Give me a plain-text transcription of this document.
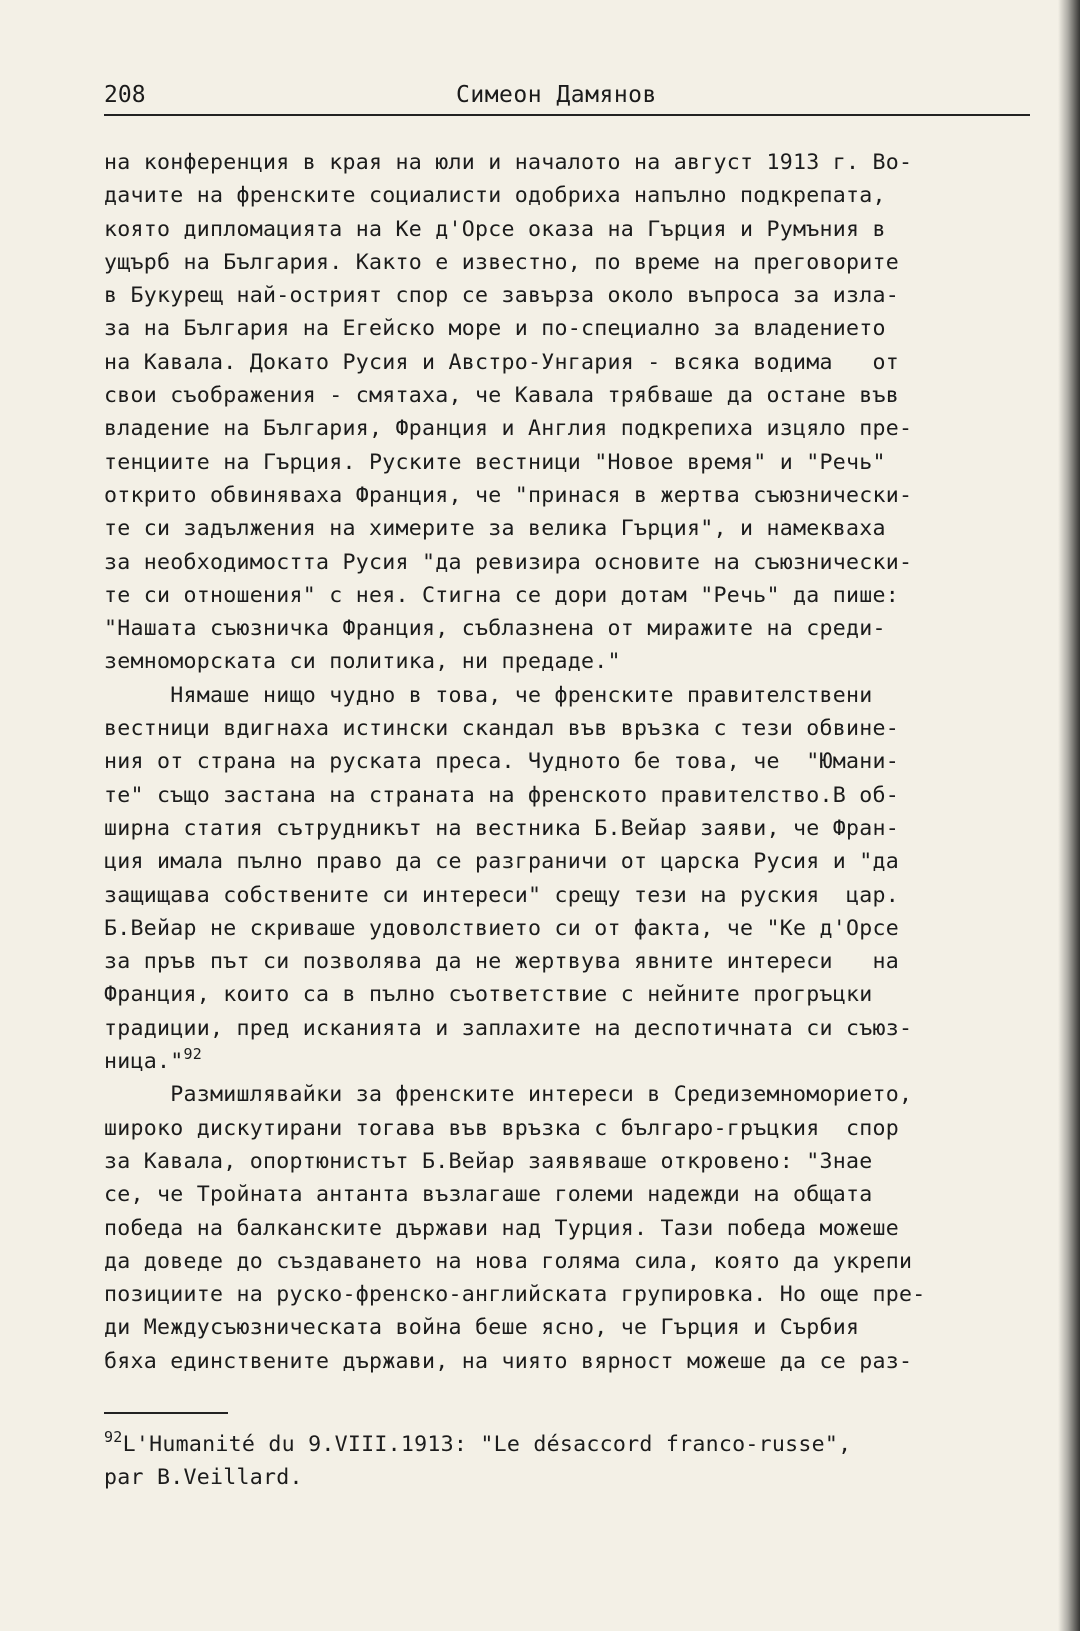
208	Симеон Дамянов
на конференция в края на юли и началото на август 1913 г. Во-
дачите на френските социалисти одобриха напълно подкрепата,
която дипломацията на Ке д'Орсе оказа на Гърция и Румъния в
ущърб на България. Както е известно, по време на преговорите
в Букурещ най-острият спор се завърза около въпроса за изла-
за на България на Егейско море и по-специално за владението
на Кавала. Докато Русия и Австро-Унгария - всяка водима   от
свои съображения - смятаха, че Кавала трябваше да остане във
владение на България, Франция и Англия подкрепиха изцяло пре-
тенциите на Гърция. Руските вестници "Новое время" и "Речь"
открито обвиняваха Франция, че "принася в жертва съюзнически-
те си задължения на химерите за велика Гърция", и намекваха
за необходимостта Русия "да ревизира основите на съюзнически-
те си отношения" с нея. Стигна се дори дотам "Речь" да пише:
"Нашата съюзничка Франция, съблазнена от миражите на среди-
земноморската си политика, ни предаде."
Нямаше нищо чудно в това, че френските правителствени
вестници вдигнаха истински скандал във връзка с тези обвине-
ния от страна на руската преса. Чудното бе това, че  "Юмани-
те" също застана на страната на френското правителство.В об-
ширна статия сътрудникът на вестника Б.Вейар заяви, че Фран-
ция имала пълно право да се разграничи от царска Русия и "да
защищава собствените си интереси" срещу тези на руския  цар.
Б.Вейар не скриваше удоволствието си от факта, че "Ке д'Орсе
за пръв път си позволява да не жертвува явните интереси   на
Франция, които са в пълно съответствие с нейните прогръцки
традиции, пред исканията и заплахите на деспотичната си съюз-
ница."$^{92}$
Размишлявайки за френските интереси в Средиземноморието,
широко дискутирани тогава във връзка с българо-гръцкия  спор
за Кавала, опортюнистът Б.Вейар заявяваше откровено: "Знае
се, че Тройната антанта възлагаше големи надежди на общата
победа на балканските държави над Турция. Тази победа можеше
да доведе до създаването на нова голяма сила, която да укрепи
позициите на руско-френско-английската групировка. Но още пре-
ди Междусъюзническата война беше ясно, че Гърция и Сърбия
бяха единствените държави, на чиято вярност можеше да се раз-
$^{92}$L'Humanité du 9.VIII.1913: "Le désaccord franco-russe",
par B.Veillard.
